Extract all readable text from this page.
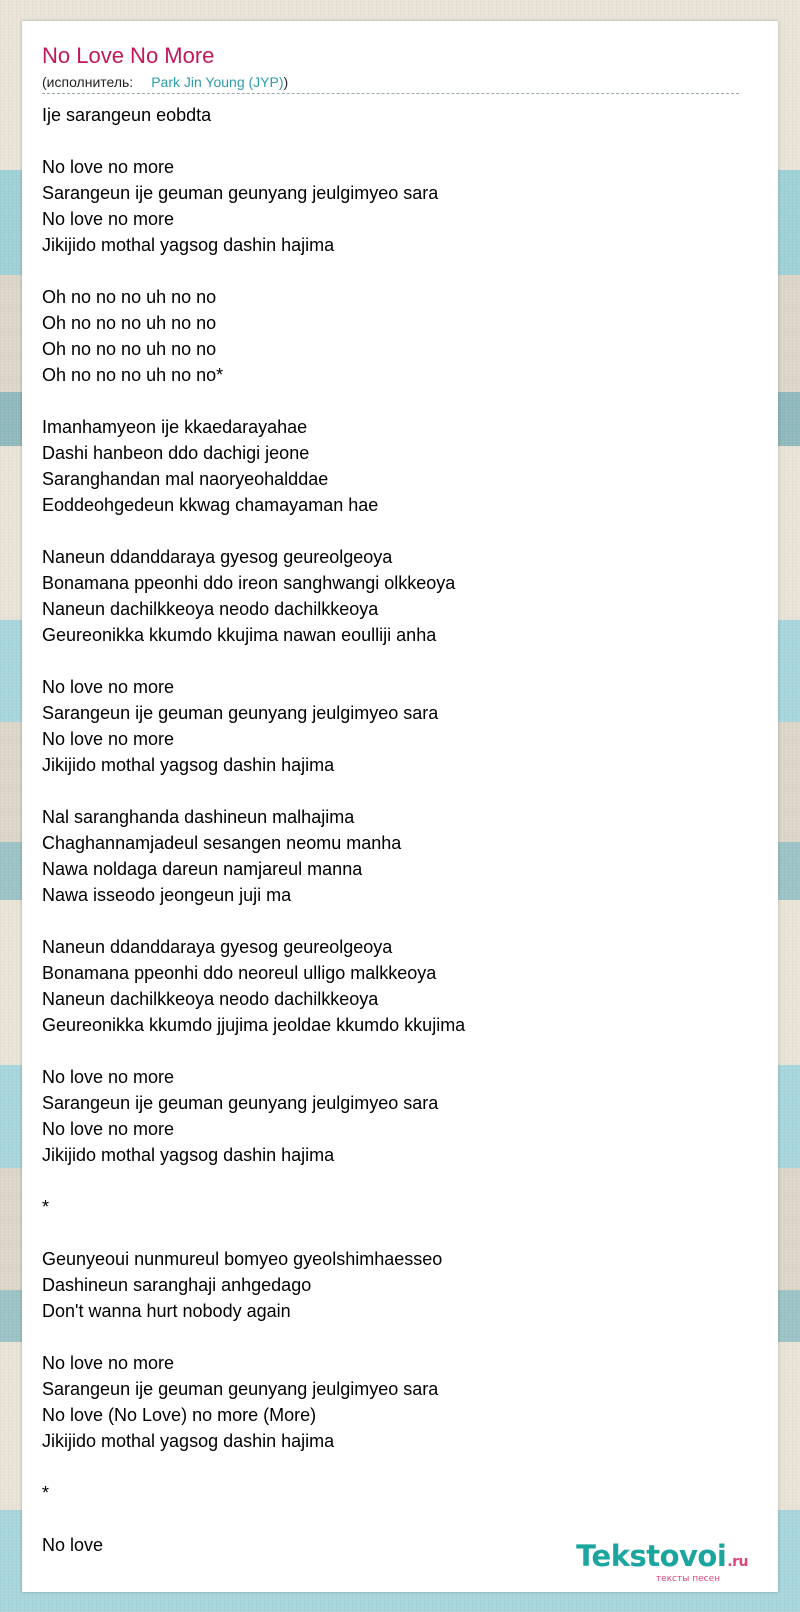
No Love No More
(исполнитель: Park Jin Young (JYP))
Ije sarangeun eobdta
No love no more
Sarangeun ije geuman geunyang jeulgimyeo sara
No love no more
Jikijido mothal yagsog dashin hajima
Oh no no no uh no no
Oh no no no uh no no
Oh no no no uh no no
Oh no no no uh no no*
Imanhamyeon ije kkaedarayahae
Dashi hanbeon ddo dachigi jeone
Saranghandan mal naoryeohalddae
Eoddeohgedeun kkwag chamayaman hae
Naneun ddanddaraya gyesog geureolgeoya
Bonamana ppeonhi ddo ireon sanghwangi olkkeoya
Naneun dachilkkeoya neodo dachilkkeoya
Geureonikka kkumdo kkujima nawan eoulliji anha
No love no more
Sarangeun ije geuman geunyang jeulgimyeo sara
No love no more
Jikijido mothal yagsog dashin hajima
Nal saranghanda dashineun malhajima
Chaghannamjadeul sesangen neomu manha
Nawa noldaga dareun namjareul manna
Nawa isseodo jeongeun juji ma
Naneun ddanddaraya gyesog geureolgeoya
Bonamana ppeonhi ddo neoreul ulligo malkkeoya
Naneun dachilkkeoya neodo dachilkkeoya
Geureonikka kkumdo jjujima jeoldae kkumdo kkujima
No love no more
Sarangeun ije geuman geunyang jeulgimyeo sara
No love no more
Jikijido mothal yagsog dashin hajima
*
Geunyeoui nunmureul bomyeo gyeolshimhaesseo
Dashineun saranghaji anhgedago
Don't wanna hurt nobody again
No love no more
Sarangeun ije geuman geunyang jeulgimyeo sara
No love (No Love) no more (More)
Jikijido mothal yagsog dashin hajima
*
No love	Tekstovoi.ru
тексты песен
